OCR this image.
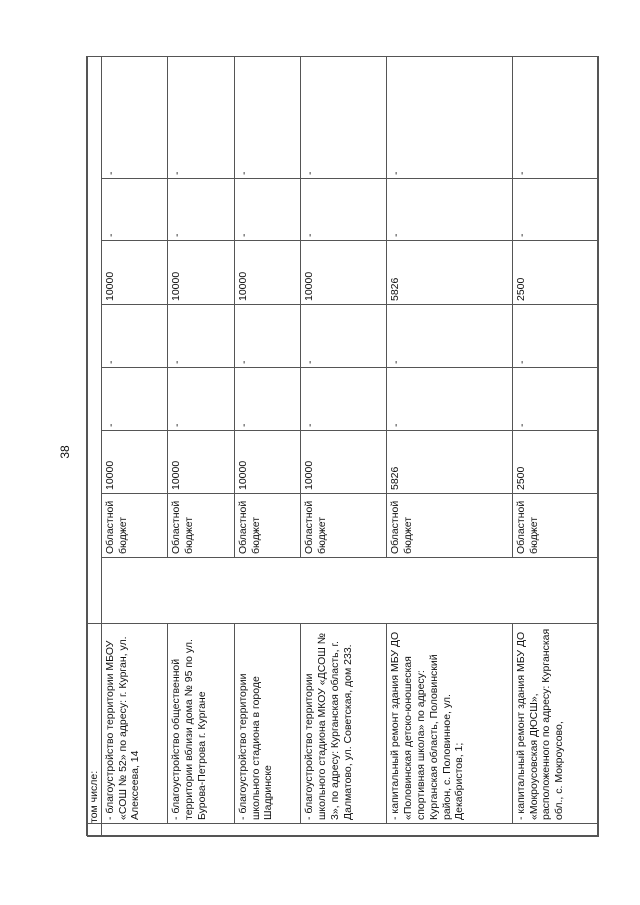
38
	том числе:								
	- благоустройство территории МБОУ «СОШ № 52» по адресу: г. Курган, ул. Алексеева, 14		Областной бюджет	10000	-	-	10000	-	-
	- благоустройство общественной территории вблизи дома № 95 по ул. Бурова-Петрова г. Кургане		Областной бюджет	10000	-	-	10000	-	-
	- благоустройство территории школьного стадиона в городе Шадринске		Областной бюджет	10000	-	-	10000	-	-
	- благоустройство территории школьного стадиона МКОУ «ДСОШ № 3», по адресу: Курганская область, г. Далматово, ул. Советская, дом 233.		Областной бюджет	10000	-	-	10000	-	-
	- капитальный ремонт здания МБУ ДО «Половинская детско-юношеская спортивная школа» по адресу: Курганская область, Половинский район, с. Половинное, ул. Декабристов, 1;		Областной бюджет	5826	-	-	5826	-	-
	- капитальный ремонт здания МБУ ДО «Мокроусовская ДЮСШ», расположенного по адресу: Курганская обл., с. Мокроусово,		Областной бюджет	2500	-	-	2500	-	-
